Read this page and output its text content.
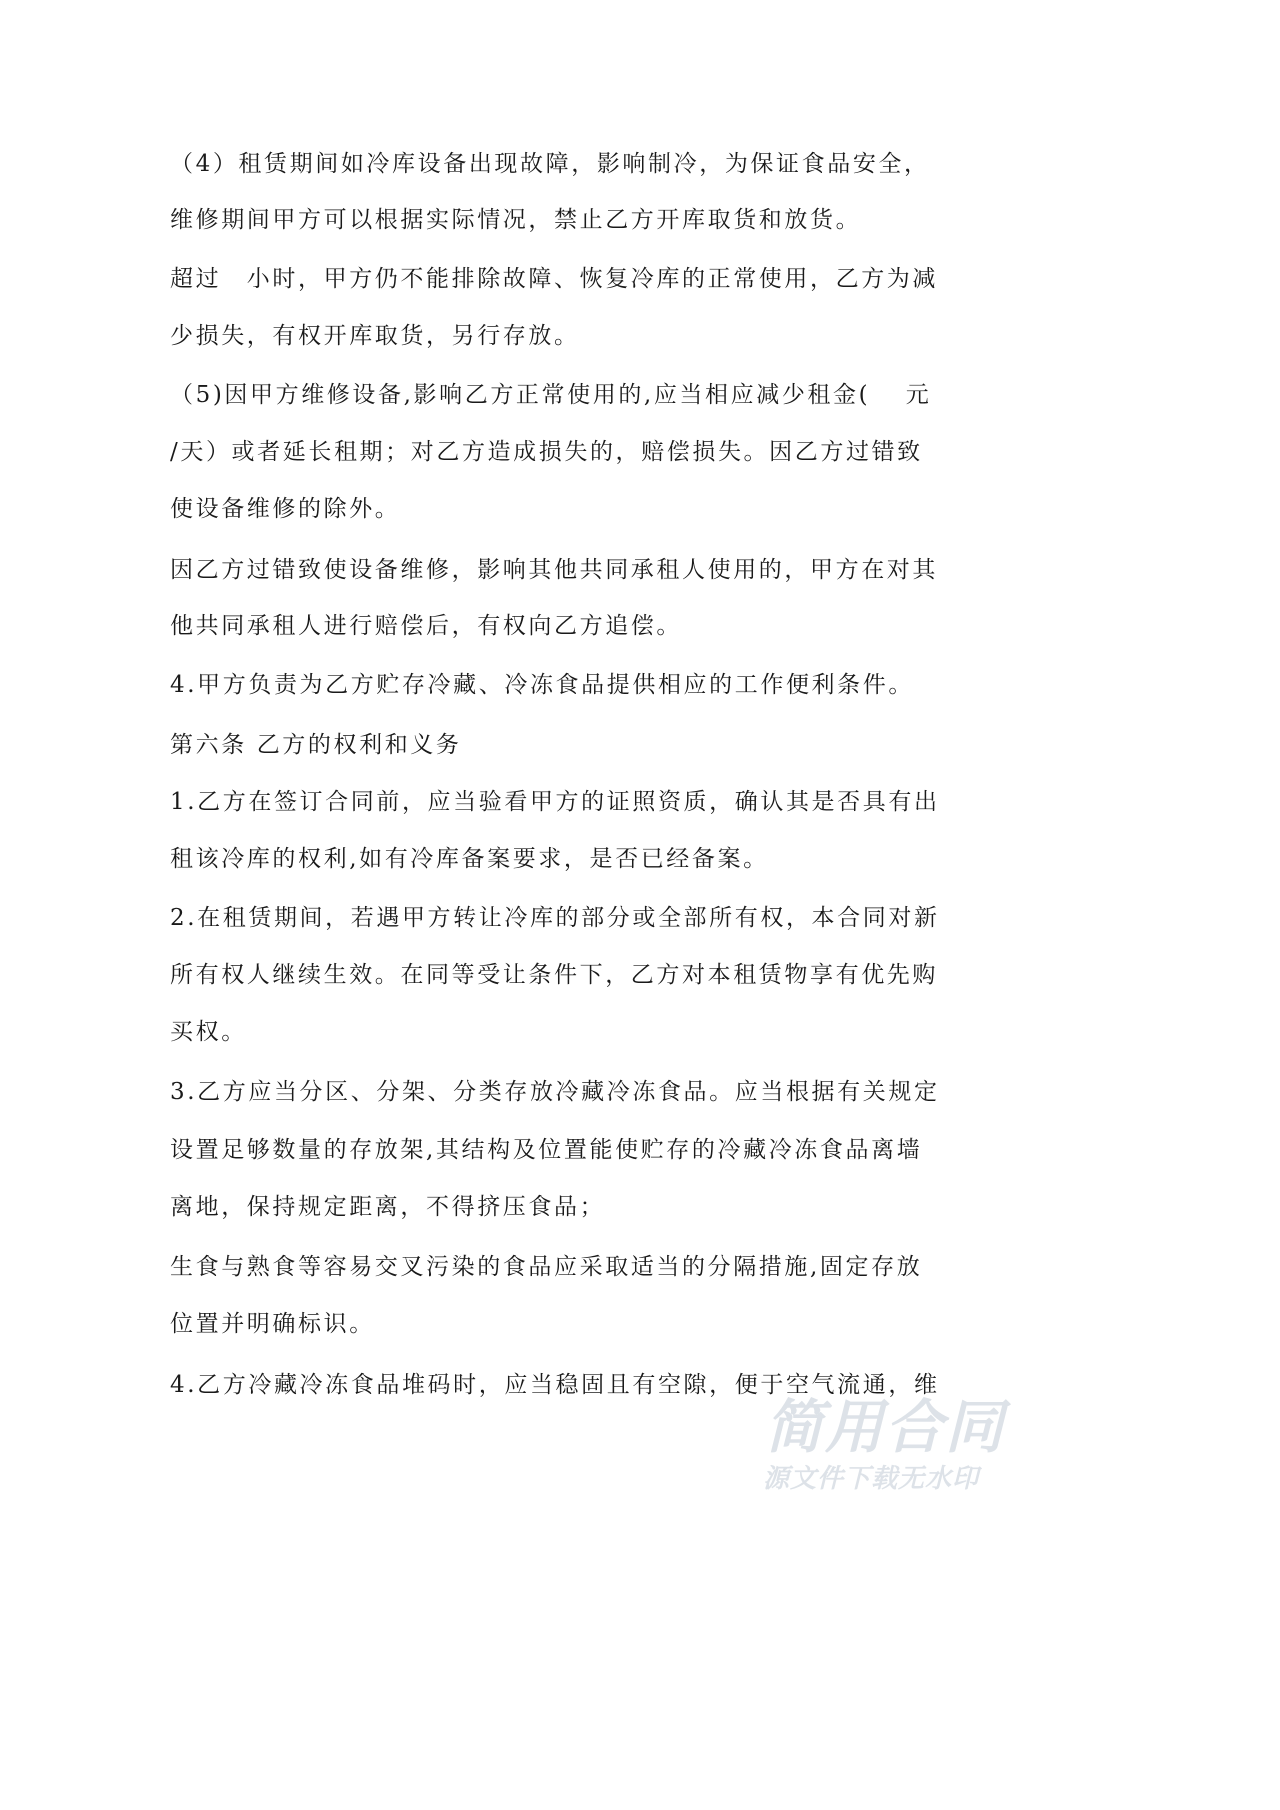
（4）租赁期间如冷库设备出现故障，影响制冷，为保证食品安全，
维修期间甲方可以根据实际情况，禁止乙方开库取货和放货。
超过　小时，甲方仍不能排除故障、恢复冷库的正常使用，乙方为减
少损失，有权开库取货，另行存放。
（5)因甲方维修设备,影响乙方正常使用的,应当相应减少租金(　 元
/天）或者延长租期；对乙方造成损失的，赔偿损失。因乙方过错致
使设备维修的除外。
因乙方过错致使设备维修，影响其他共同承租人使用的，甲方在对其
他共同承租人进行赔偿后，有权向乙方追偿。
4.甲方负责为乙方贮存冷藏、冷冻食品提供相应的工作便利条件。
第六条 乙方的权利和义务
1.乙方在签订合同前，应当验看甲方的证照资质，确认其是否具有出
租该冷库的权利,如有冷库备案要求，是否已经备案。
2.在租赁期间，若遇甲方转让冷库的部分或全部所有权，本合同对新
所有权人继续生效。在同等受让条件下，乙方对本租赁物享有优先购
买权。
3.乙方应当分区、分架、分类存放冷藏冷冻食品。应当根据有关规定
设置足够数量的存放架,其结构及位置能使贮存的冷藏冷冻食品离墙
离地，保持规定距离，不得挤压食品；
生食与熟食等容易交叉污染的食品应采取适当的分隔措施,固定存放
位置并明确标识。
4.乙方冷藏冷冻食品堆码时，应当稳固且有空隙，便于空气流通，维
简用合同
源文件下载无水印
